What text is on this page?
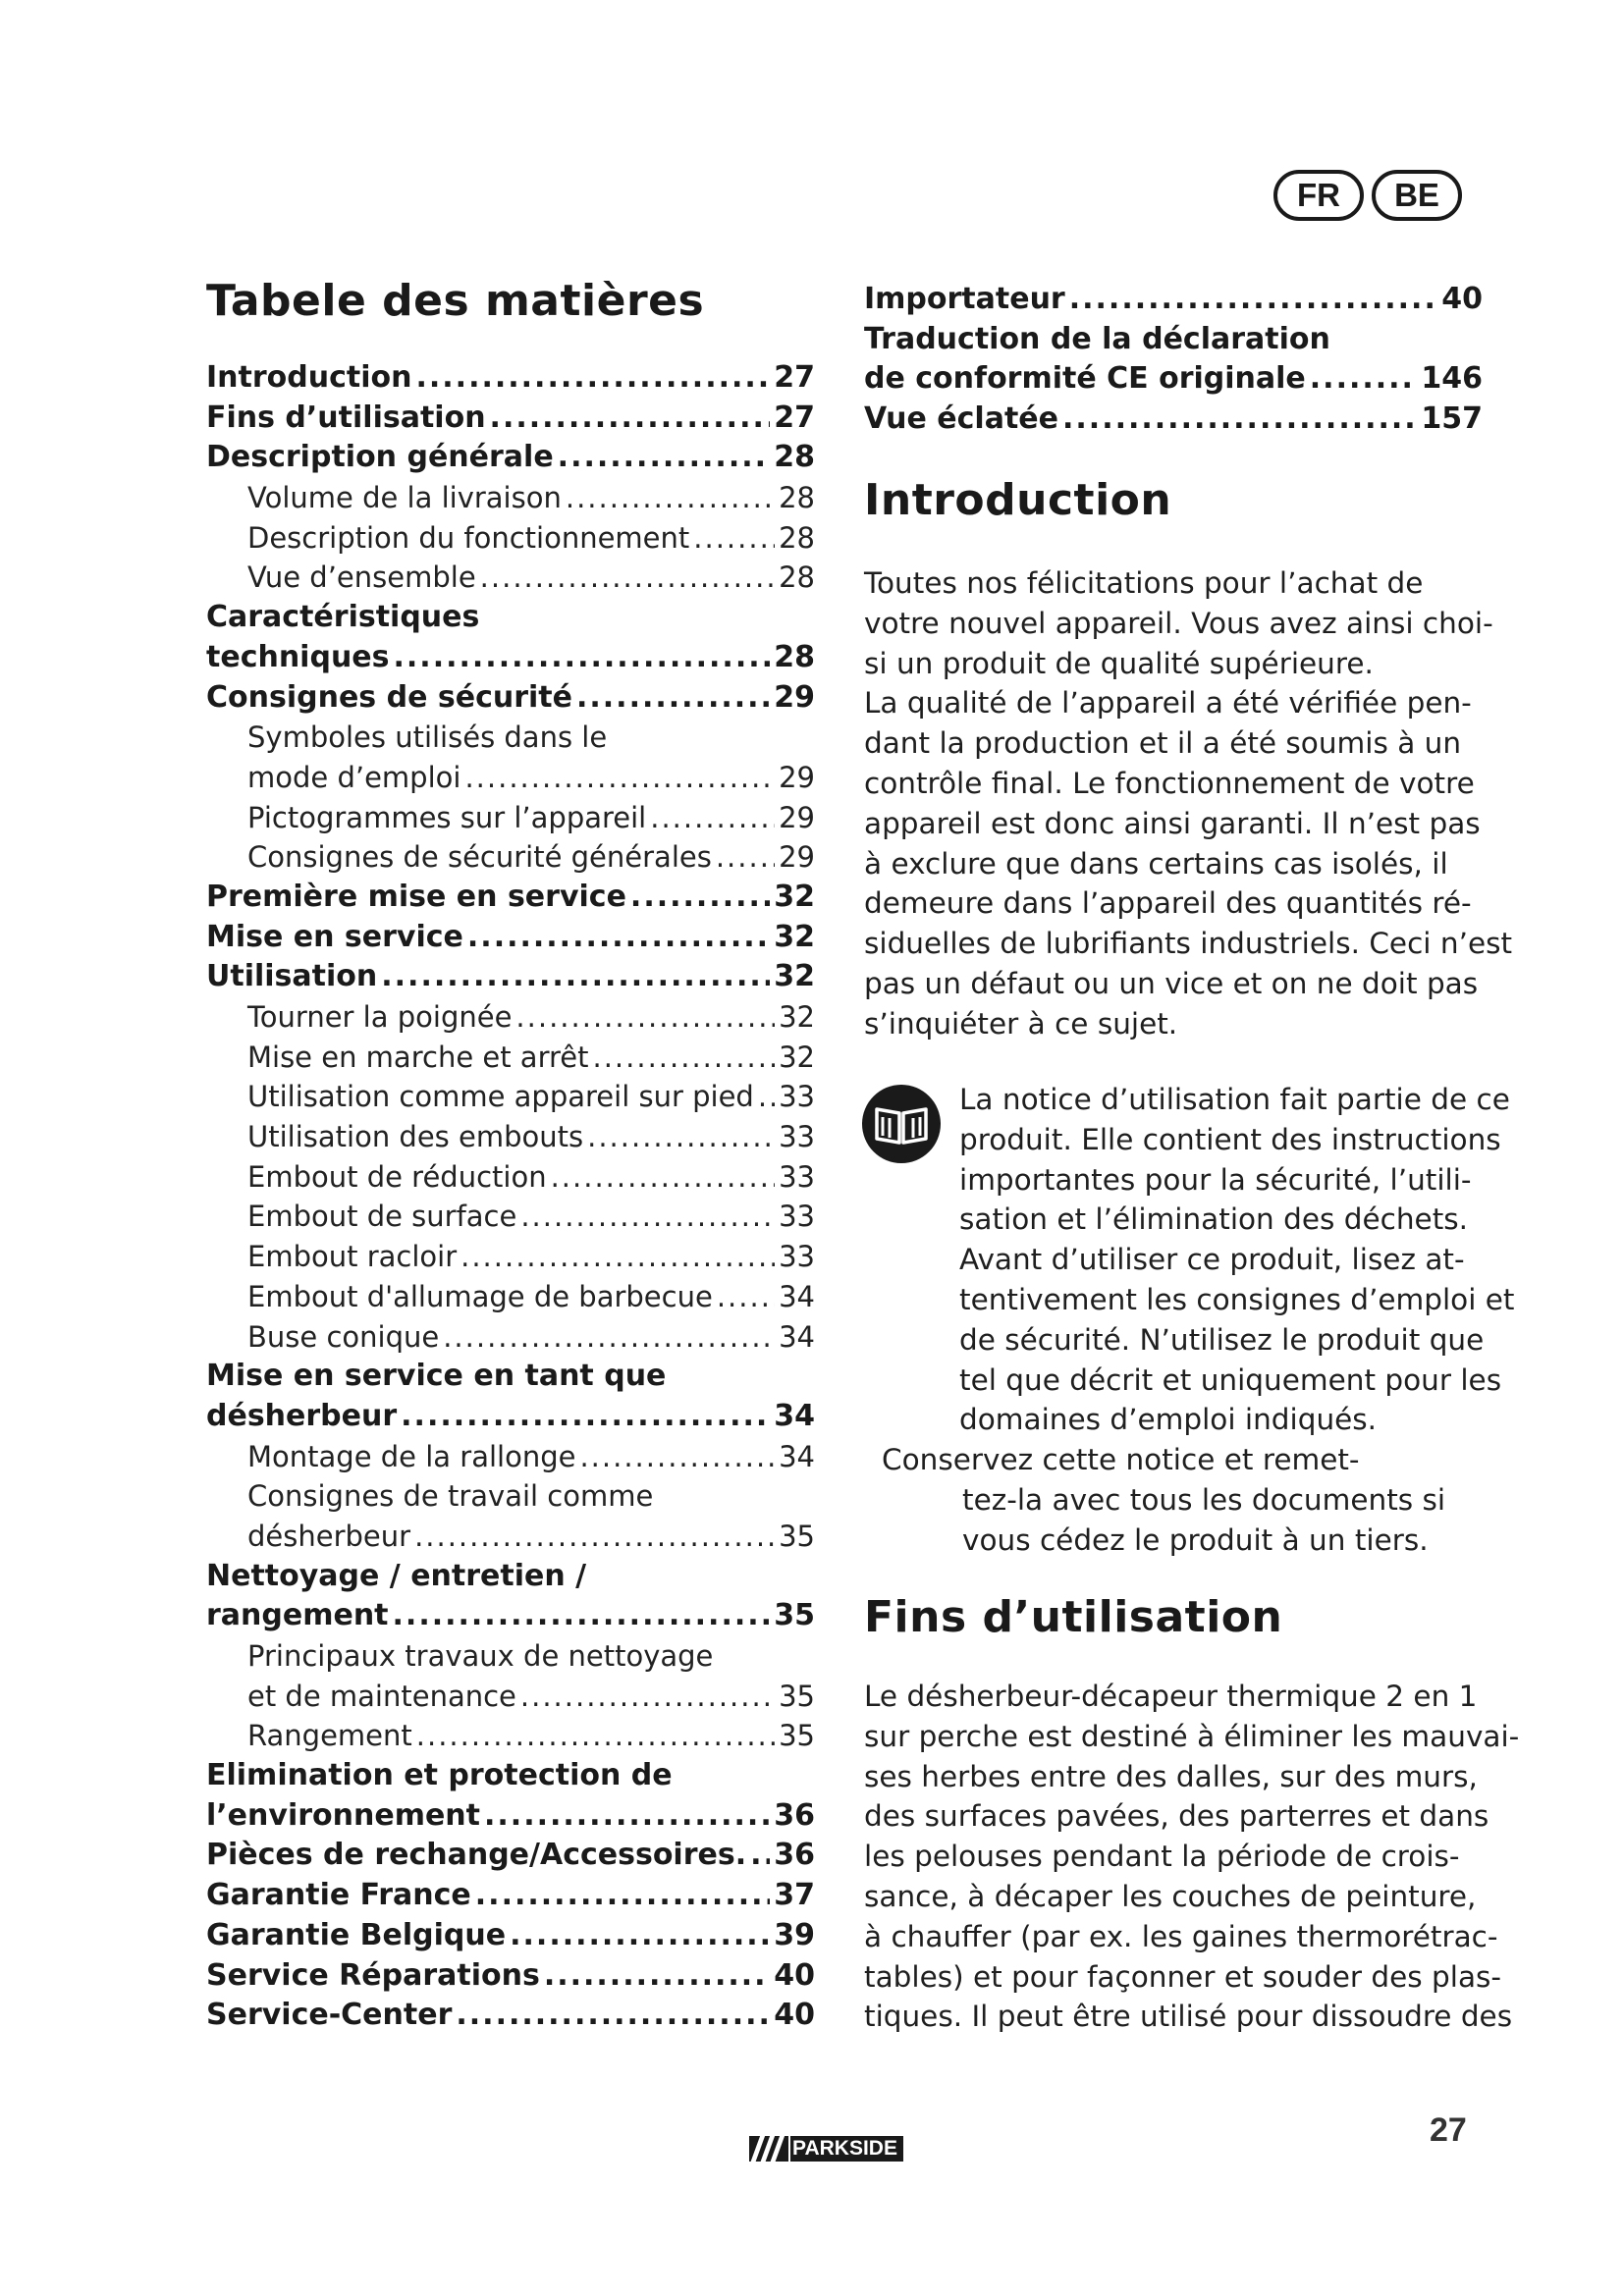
FR	BE
Tabele des matières
Introduction .....	27
Fins d’utilisation .....	27
Description générale .....	28
Volume de la livraison .....	28
Description du fonctionnement .....	28
Vue d’ensemble .....	28
Caractéristiques
techniques .....	28
Consignes de sécurité .....	29
Symboles utilisés dans le
mode d’emploi .....	29
Pictogrammes sur l’appareil .....	29
Consignes de sécurité générales ..... 29
Première mise en service .....	32
Mise en service .....	32
Utilisation .....	32
Tourner la poignée .....	32
Mise en marche et arrêt .....	32
Utilisation comme appareil sur pied ..... 33
Utilisation des embouts .....	33
Embout de réduction .....	33
Embout de surface .....	33
Embout racloir .....	33
Embout d'allumage de barbecue ..... 34
Buse conique .....	34
Mise en service en tant que
désherbeur .....	34
Montage de la rallonge .....	34
Consignes de travail comme
désherbeur .....	35
Nettoyage / entretien /
rangement .....	35
Principaux travaux de nettoyage
et de maintenance .....	35
Rangement .....	35
Elimination et protection de
l’environnement .....	36
Pièces de rechange/Accessoires. ..... 36
Garantie France .....	37
Garantie Belgique .....	39
Service Réparations .....	40
Service-Center .....	40
Importateur .....	40
Traduction de la déclaration
de conformité CE originale .....	146
Vue éclatée .....	157
Introduction
Toutes nos félicitations pour l’achat de
votre nouvel appareil. Vous avez ainsi choi-
si un produit de qualité supérieure.
La qualité de l’appareil a été vérifiée pen-
dant la production et il a été soumis à un
contrôle final. Le fonctionnement de votre
appareil est donc ainsi garanti. Il n’est pas
à exclure que dans certains cas isolés, il
demeure dans l’appareil des quantités ré-
siduelles de lubrifiants industriels. Ceci n’est
pas un défaut ou un vice et on ne doit pas
s’inquiéter à ce sujet.
La notice d’utilisation fait partie de ce
produit. Elle contient des instructions
importantes pour la sécurité, l’utili-
sation et l’élimination des déchets.
Avant d’utiliser ce produit, lisez at-
tentivement les consignes d’emploi et
de sécurité. N’utilisez le produit que
tel que décrit et uniquement pour les
domaines d’emploi indiqués.
Conservez cette notice et remet-
tez-la avec tous les documents si
vous cédez le produit à un tiers.
Fins d’utilisation
Le désherbeur-décapeur thermique 2 en 1
sur perche est destiné à éliminer les mauvai-
ses herbes entre des dalles, sur des murs,
des surfaces pavées, des parterres et dans
les pelouses pendant la période de crois-
sance, à décaper les couches de peinture,
à chauffer (par ex. les gaines thermorétrac-
tables) et pour façonner et souder des plas-
tiques. Il peut être utilisé pour dissoudre des
PARKSIDE	27
